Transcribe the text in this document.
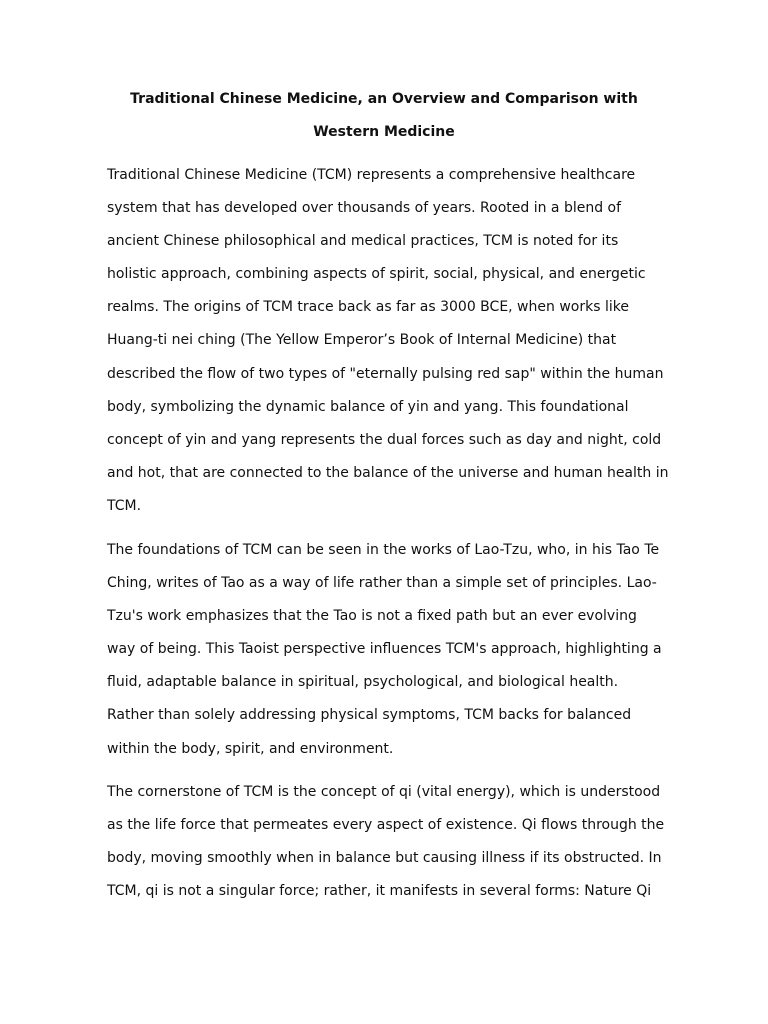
Traditional Chinese Medicine, an Overview and Comparison with
Western Medicine

Traditional Chinese Medicine (TCM) represents a comprehensive healthcare
system that has developed over thousands of years. Rooted in a blend of
ancient Chinese philosophical and medical practices, TCM is noted for its
holistic approach, combining aspects of spirit, social, physical, and energetic
realms. The origins of TCM trace back as far as 3000 BCE, when works like
Huang-ti nei ching (The Yellow Emperor’s Book of Internal Medicine) that
described the flow of two types of "eternally pulsing red sap" within the human
body, symbolizing the dynamic balance of yin and yang. This foundational
concept of yin and yang represents the dual forces such as day and night, cold
and hot, that are connected to the balance of the universe and human health in
TCM.

The foundations of TCM can be seen in the works of Lao-Tzu, who, in his Tao Te
Ching, writes of Tao as a way of life rather than a simple set of principles. Lao-
Tzu's work emphasizes that the Tao is not a fixed path but an ever evolving
way of being. This Taoist perspective influences TCM's approach, highlighting a
fluid, adaptable balance in spiritual, psychological, and biological health.
Rather than solely addressing physical symptoms, TCM backs for balanced
within the body, spirit, and environment.

The cornerstone of TCM is the concept of qi (vital energy), which is understood
as the life force that permeates every aspect of existence. Qi flows through the
body, moving smoothly when in balance but causing illness if its obstructed. In
TCM, qi is not a singular force; rather, it manifests in several forms: Nature Qi
